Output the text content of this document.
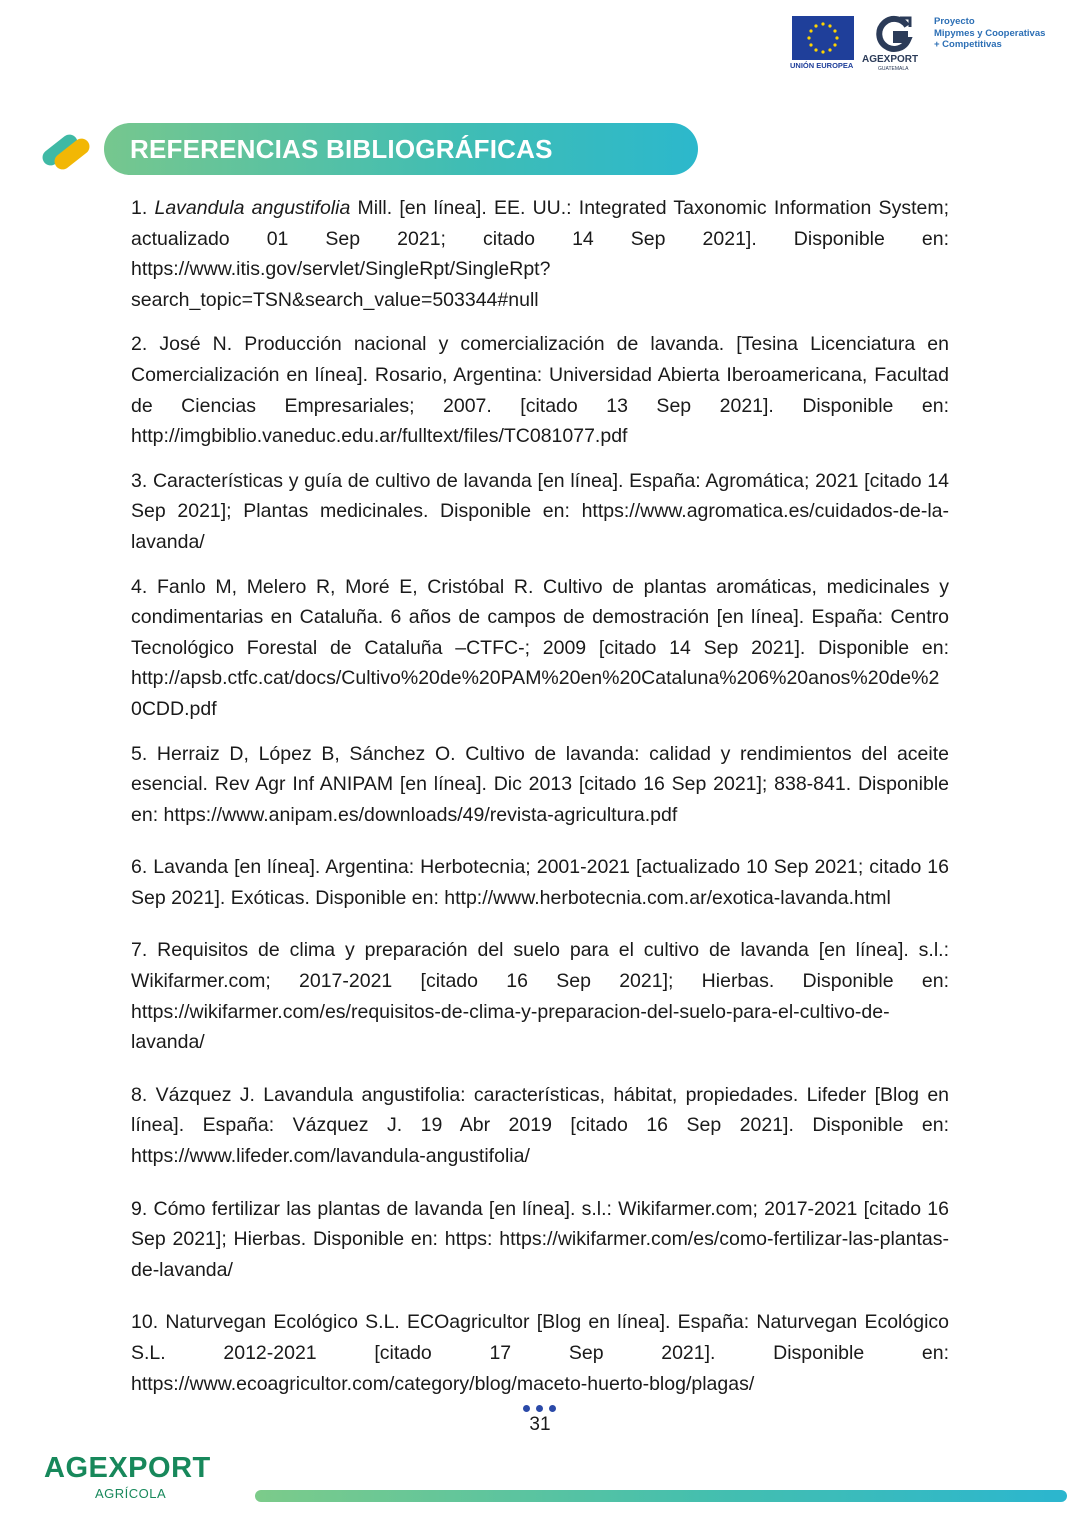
UNIÓN EUROPEA
AGEXPORT
GUATEMALA
Proyecto
Mipymes y Cooperativas
+ Competitivas
REFERENCIAS BIBLIOGRÁFICAS

1. Lavandula angustifolia Mill. [en línea]. EE. UU.: Integrated Taxonomic Information System; actualizado 01 Sep 2021; citado 14 Sep 2021]. Disponible en: https://www.itis.gov/servlet/SingleRpt/SingleRpt?search_topic=TSN&search_value=503344#null

2. José N. Producción nacional y comercialización de lavanda. [Tesina Licenciatura en Comercialización en línea]. Rosario, Argentina: Universidad Abierta Iberoamericana, Facultad de Ciencias Empresariales; 2007. [citado 13 Sep 2021]. Disponible en: http://imgbiblio.vaneduc.edu.ar/fulltext/files/TC081077.pdf

3. Características y guía de cultivo de lavanda [en línea]. España: Agromática; 2021 [citado 14 Sep 2021]; Plantas medicinales. Disponible en: https://www.agromatica.es/cuidados-de-la-lavanda/

4. Fanlo M, Melero R, Moré E, Cristóbal R. Cultivo de plantas aromáticas, medicinales y condimentarias en Cataluña. 6 años de campos de demostración [en línea]. España: Centro Tecnológico Forestal de Cataluña –CTFC-; 2009 [citado 14 Sep 2021]. Disponible en: http://apsb.ctfc.cat/docs/Cultivo%20de%20PAM%20en%20Cataluna%206%20anos%20de%20CDD.pdf

5. Herraiz D, López B, Sánchez O. Cultivo de lavanda: calidad y rendimientos del aceite esencial. Rev Agr Inf ANIPAM [en línea]. Dic 2013 [citado 16 Sep 2021]; 838-841. Disponible en: https://www.anipam.es/downloads/49/revista-agricultura.pdf

6. Lavanda [en línea]. Argentina: Herbotecnia; 2001-2021 [actualizado 10 Sep 2021; citado 16 Sep 2021]. Exóticas. Disponible en: http://www.herbotecnia.com.ar/exotica-lavanda.html

7. Requisitos de clima y preparación del suelo para el cultivo de lavanda [en línea]. s.l.: Wikifarmer.com; 2017-2021 [citado 16 Sep 2021]; Hierbas. Disponible en: https://wikifarmer.com/es/requisitos-de-clima-y-preparacion-del-suelo-para-el-cultivo-de-lavanda/

8. Vázquez J. Lavandula angustifolia: características, hábitat, propiedades. Lifeder [Blog en línea]. España: Vázquez J. 19 Abr 2019 [citado 16 Sep 2021]. Disponible en: https://www.lifeder.com/lavandula-angustifolia/

9. Cómo fertilizar las plantas de lavanda [en línea]. s.l.: Wikifarmer.com; 2017-2021 [citado 16 Sep 2021]; Hierbas. Disponible en: https: https://wikifarmer.com/es/como-fertilizar-las-plantas-de-lavanda/

10. Naturvegan Ecológico S.L. ECOagricultor [Blog en línea]. España: Naturvegan Ecológico S.L. 2012-2021 [citado 17 Sep 2021]. Disponible en: https://www.ecoagricultor.com/category/blog/maceto-huerto-blog/plagas/

31
AGEXPORT
AGRÍCOLA
